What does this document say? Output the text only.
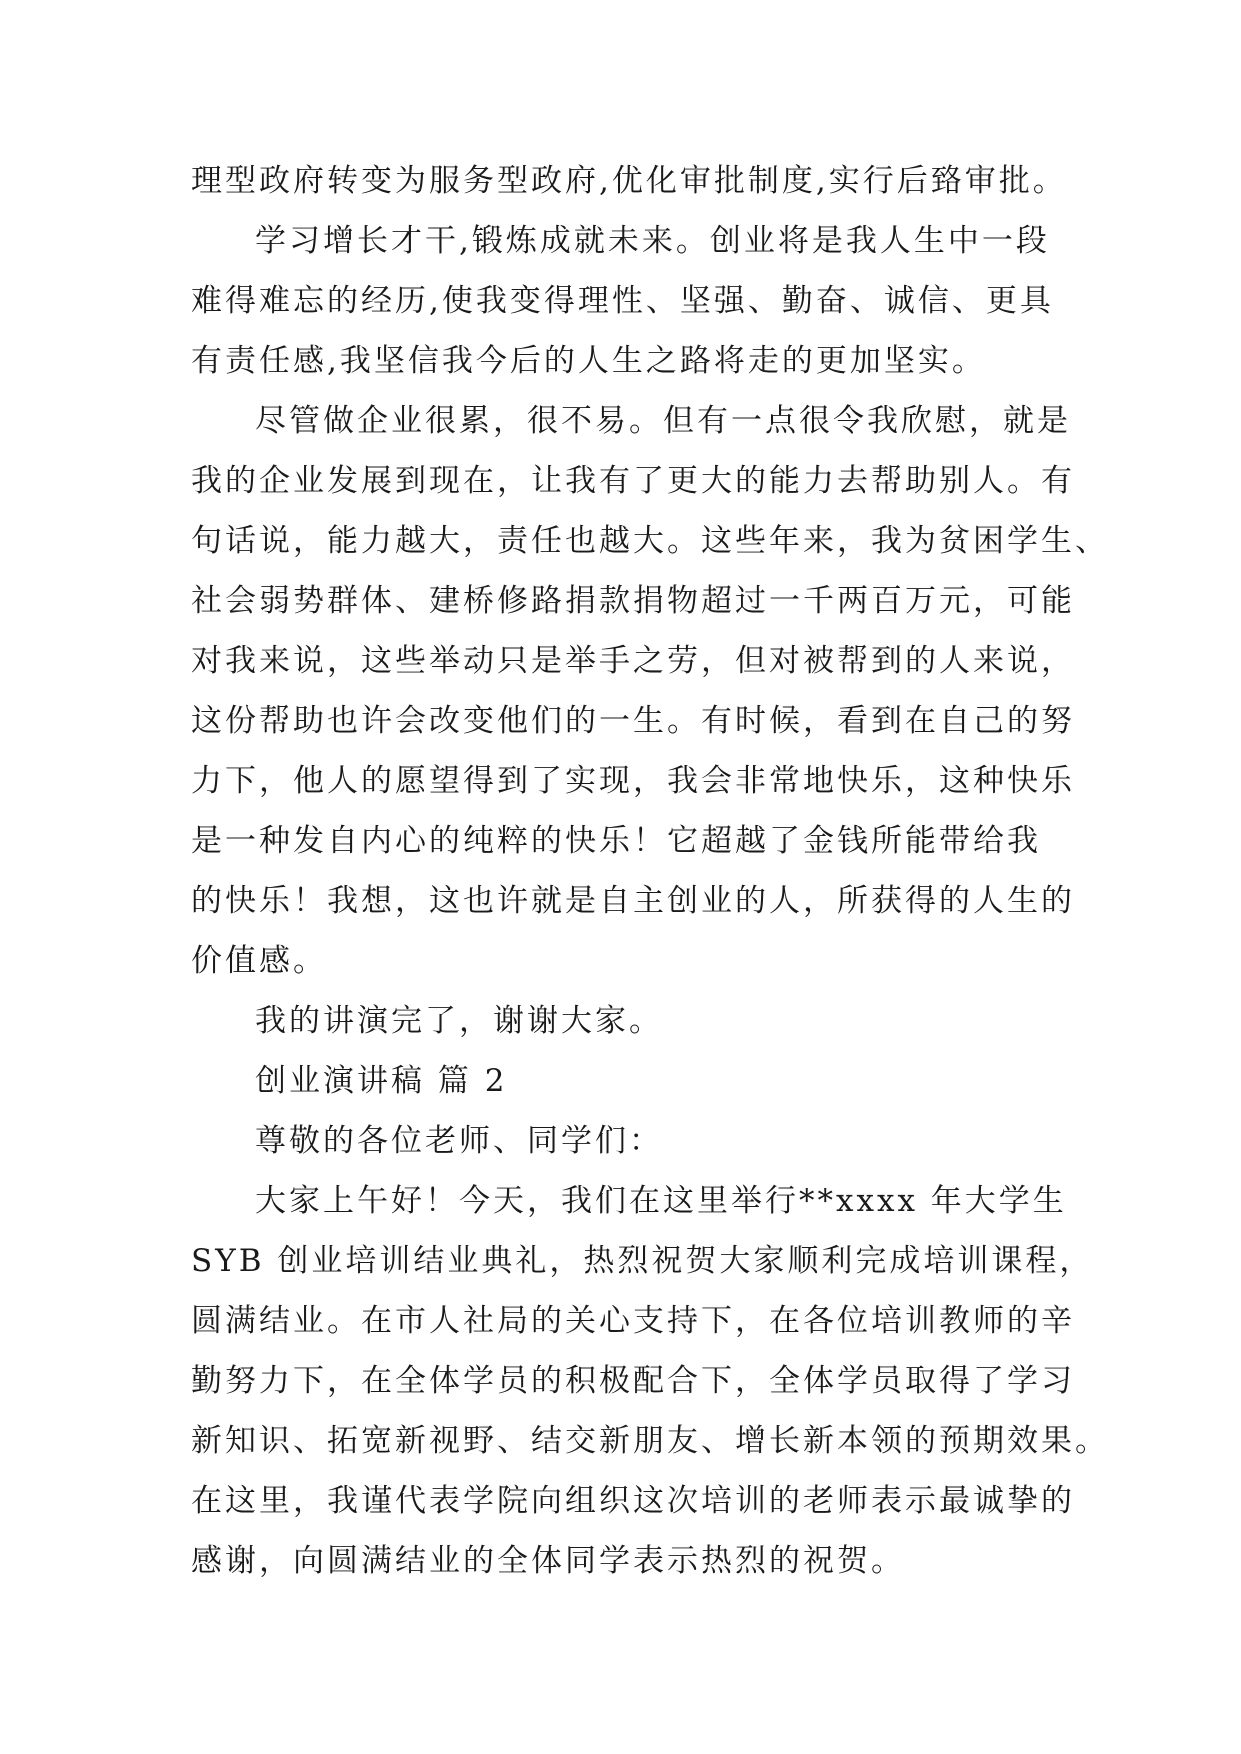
理型政府转变为服务型政府,优化审批制度,实行后臵审批。
学习增长才干,锻炼成就未来。创业将是我人生中一段
难得难忘的经历,使我变得理性、坚强、勤奋、诚信、更具
有责任感,我坚信我今后的人生之路将走的更加坚实。
尽管做企业很累，很不易。但有一点很令我欣慰，就是
我的企业发展到现在，让我有了更大的能力去帮助别人。有
句话说，能力越大，责任也越大。这些年来，我为贫困学生、
社会弱势群体、建桥修路捐款捐物超过一千两百万元，可能
对我来说，这些举动只是举手之劳，但对被帮到的人来说，
这份帮助也许会改变他们的一生。有时候，看到在自己的努
力下，他人的愿望得到了实现，我会非常地快乐，这种快乐
是一种发自内心的纯粹的快乐！它超越了金钱所能带给我
的快乐！我想，这也许就是自主创业的人，所获得的人生的
价值感。
我的讲演完了，谢谢大家。
创业演讲稿 篇 2
尊敬的各位老师、同学们：
大家上午好！今天，我们在这里举行**xxxx 年大学生
SYB 创业培训结业典礼，热烈祝贺大家顺利完成培训课程，
圆满结业。在市人社局的关心支持下，在各位培训教师的辛
勤努力下，在全体学员的积极配合下，全体学员取得了学习
新知识、拓宽新视野、结交新朋友、增长新本领的预期效果。
在这里，我谨代表学院向组织这次培训的老师表示最诚挚的
感谢，向圆满结业的全体同学表示热烈的祝贺。
